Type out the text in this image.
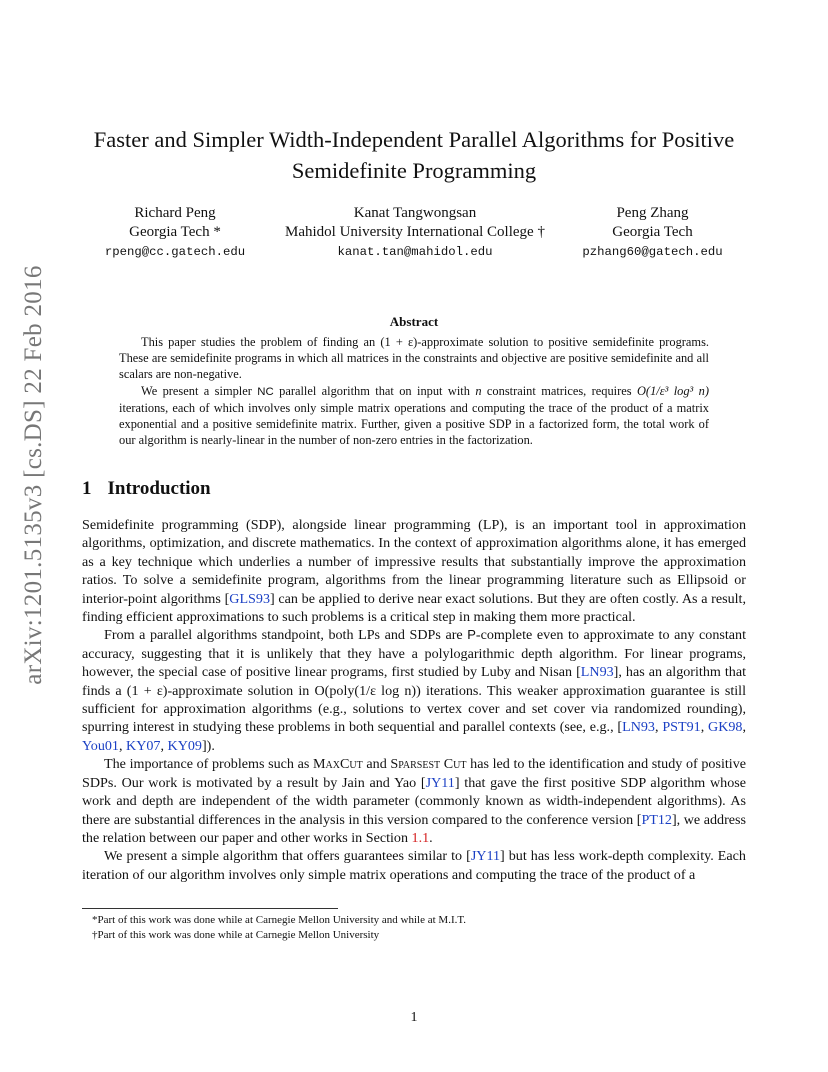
arXiv:1201.5135v3 [cs.DS] 22 Feb 2016
Faster and Simpler Width-Independent Parallel Algorithms for Positive
Semidefinite Programming
Richard Peng
Georgia Tech *
rpeng@cc.gatech.edu
Kanat Tangwongsan
Mahidol University International College †
kanat.tan@mahidol.edu
Peng Zhang
Georgia Tech
pzhang60@gatech.edu
Abstract

This paper studies the problem of finding an (1 + ε)-approximate solution to positive semidefinite programs. These are semidefinite programs in which all matrices in the constraints and objective are positive semidefinite and all scalars are non-negative.

We present a simpler NC parallel algorithm that on input with n constraint matrices, requires O(1/ε³ log³ n) iterations, each of which involves only simple matrix operations and computing the trace of the product of a matrix exponential and a positive semidefinite matrix. Further, given a positive SDP in a factorized form, the total work of our algorithm is nearly-linear in the number of non-zero entries in the factorization.

1 Introduction

Semidefinite programming (SDP), alongside linear programming (LP), is an important tool in approximation algorithms, optimization, and discrete mathematics. In the context of approximation algorithms alone, it has emerged as a key technique which underlies a number of impressive results that substantially improve the approximation ratios. To solve a semidefinite program, algorithms from the linear programming literature such as Ellipsoid or interior-point algorithms [GLS93] can be applied to derive near exact solutions. But they are often costly. As a result, finding efficient approximations to such problems is a critical step in making them more practical.

From a parallel algorithms standpoint, both LPs and SDPs are P-complete even to approximate to any constant accuracy, suggesting that it is unlikely that they have a polylogarithmic depth algorithm. For linear programs, however, the special case of positive linear programs, first studied by Luby and Nisan [LN93], has an algorithm that finds a (1 + ε)-approximate solution in O(poly(1/ε log n)) iterations. This weaker approximation guarantee is still sufficient for approximation algorithms (e.g., solutions to vertex cover and set cover via randomized rounding), spurring interest in studying these problems in both sequential and parallel contexts (see, e.g., [LN93, PST91, GK98, You01, KY07, KY09]).

The importance of problems such as MaxCut and Sparsest Cut has led to the identification and study of positive SDPs. Our work is motivated by a result by Jain and Yao [JY11] that gave the first positive SDP algorithm whose work and depth are independent of the width parameter (commonly known as width-independent algorithms). As there are substantial differences in the analysis in this version compared to the conference version [PT12], we address the relation between our paper and other works in Section 1.1.

We present a simple algorithm that offers guarantees similar to [JY11] but has less work-depth complexity. Each iteration of our algorithm involves only simple matrix operations and computing the trace of the product of a

*Part of this work was done while at Carnegie Mellon University and while at M.I.T.
†Part of this work was done while at Carnegie Mellon University
1
